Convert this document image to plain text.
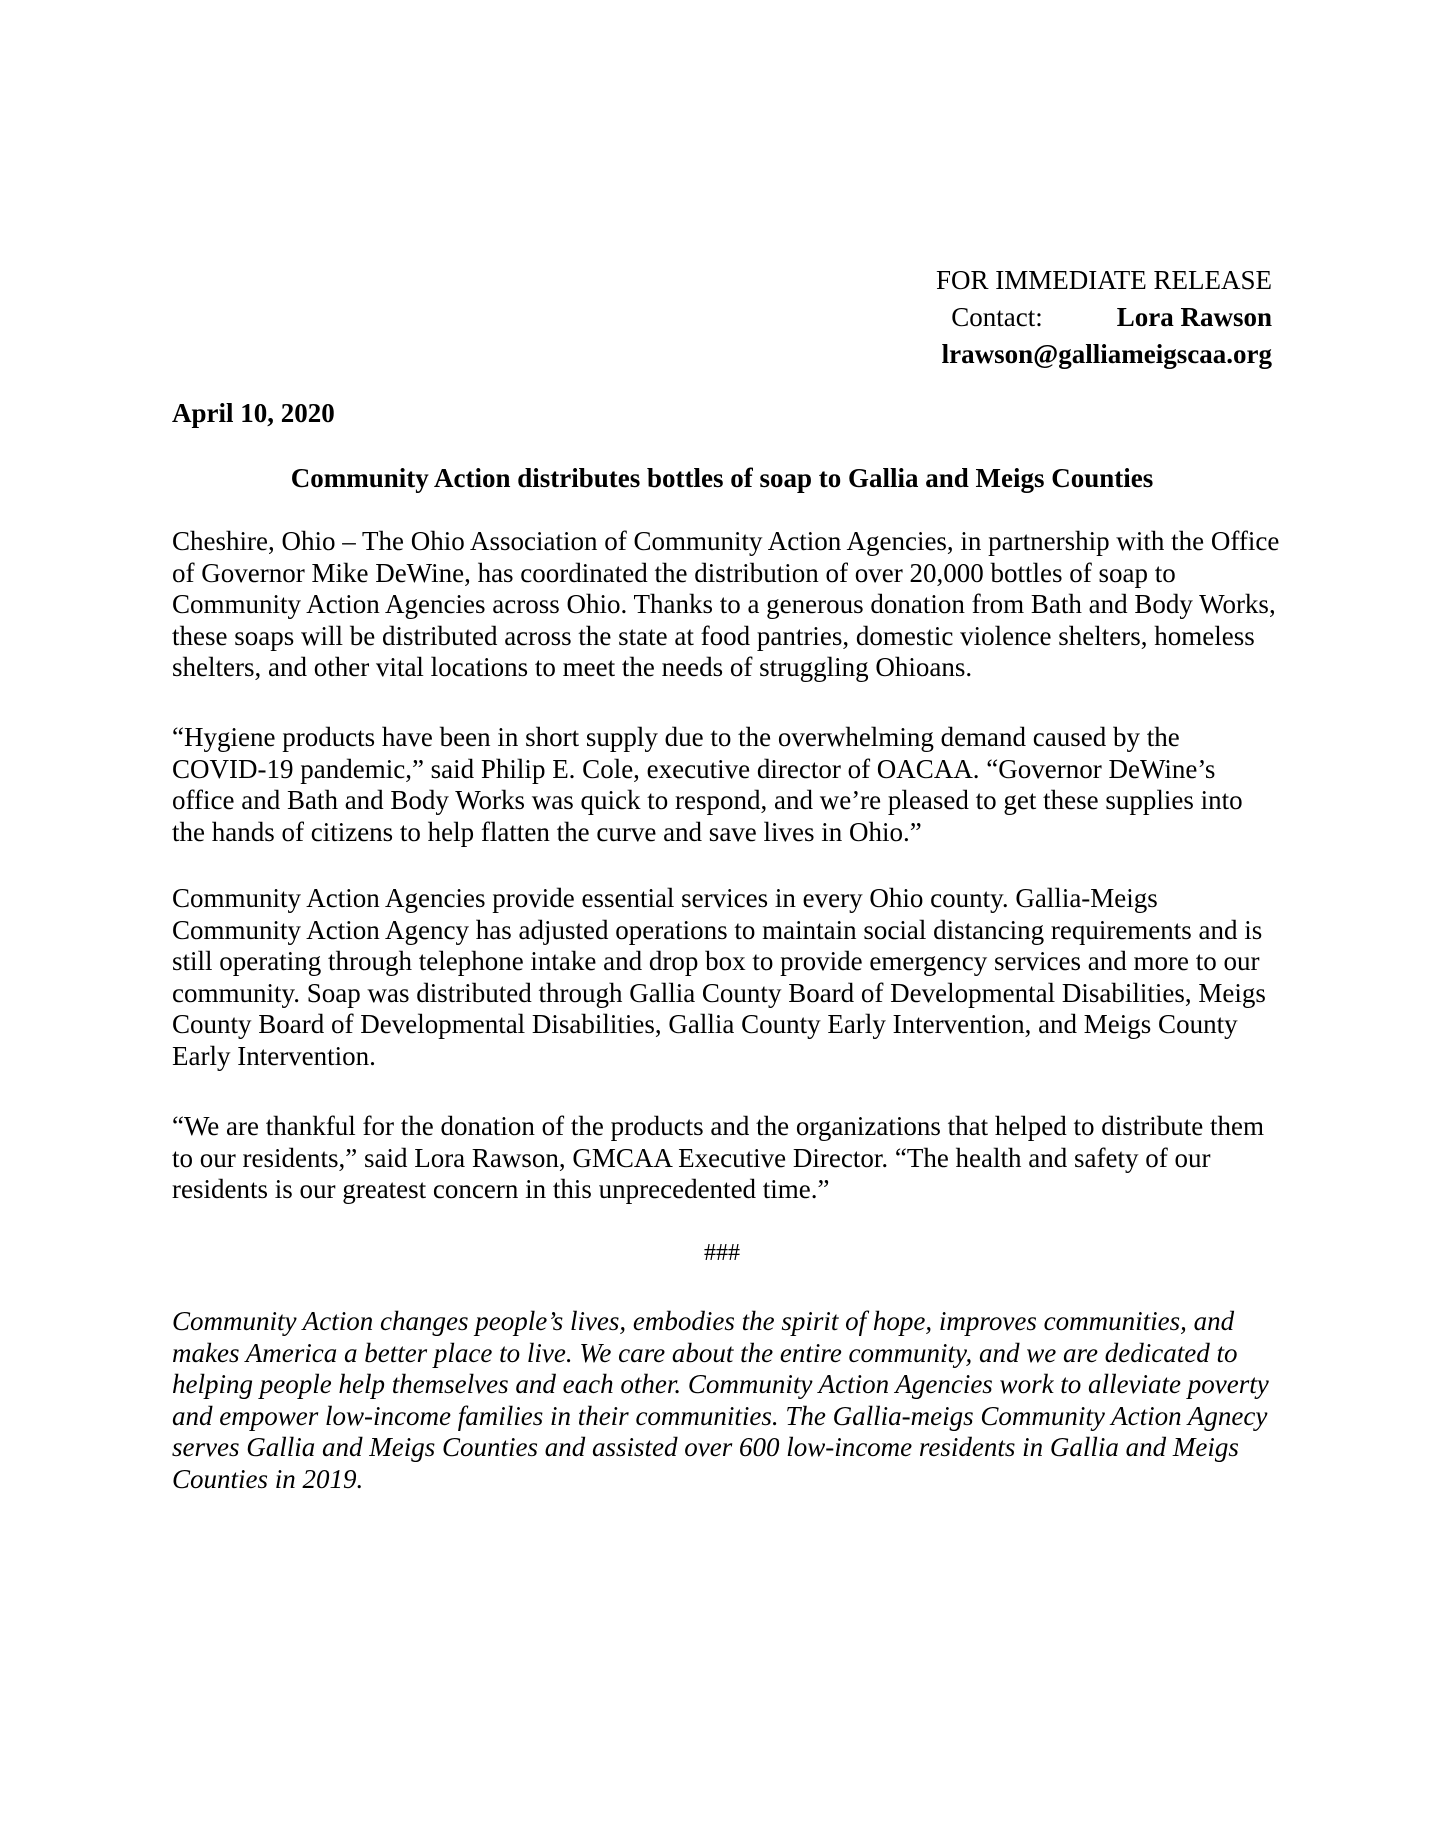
FOR IMMEDIATE RELEASE
Contact:	Lora Rawson
lrawson@galliameigscaa.org
April 10, 2020
Community Action distributes bottles of soap to Gallia and Meigs Counties

Cheshire, Ohio – The Ohio Association of Community Action Agencies, in partnership with the Office of Governor Mike DeWine, has coordinated the distribution of over 20,000 bottles of soap to Community Action Agencies across Ohio. Thanks to a generous donation from Bath and Body Works, these soaps will be distributed across the state at food pantries, domestic violence shelters, homeless shelters, and other vital locations to meet the needs of struggling Ohioans.

“Hygiene products have been in short supply due to the overwhelming demand caused by the COVID-19 pandemic,” said Philip E. Cole, executive director of OACAA. “Governor DeWine’s office and Bath and Body Works was quick to respond, and we’re pleased to get these supplies into the hands of citizens to help flatten the curve and save lives in Ohio.”

Community Action Agencies provide essential services in every Ohio county. Gallia-Meigs Community Action Agency has adjusted operations to maintain social distancing requirements and is still operating through telephone intake and drop box to provide emergency services and more to our community. Soap was distributed through Gallia County Board of Developmental Disabilities, Meigs County Board of Developmental Disabilities, Gallia County Early Intervention, and Meigs County Early Intervention.

“We are thankful for the donation of the products and the organizations that helped to distribute them to our residents,” said Lora Rawson, GMCAA Executive Director. “The health and safety of our residents is our greatest concern in this unprecedented time.”

###

Community Action changes people’s lives, embodies the spirit of hope, improves communities, and makes America a better place to live. We care about the entire community, and we are dedicated to helping people help themselves and each other. Community Action Agencies work to alleviate poverty and empower low-income families in their communities. The Gallia-meigs Community Action Agnecy serves Gallia and Meigs Counties and assisted over 600 low-income residents in Gallia and Meigs Counties in 2019.
